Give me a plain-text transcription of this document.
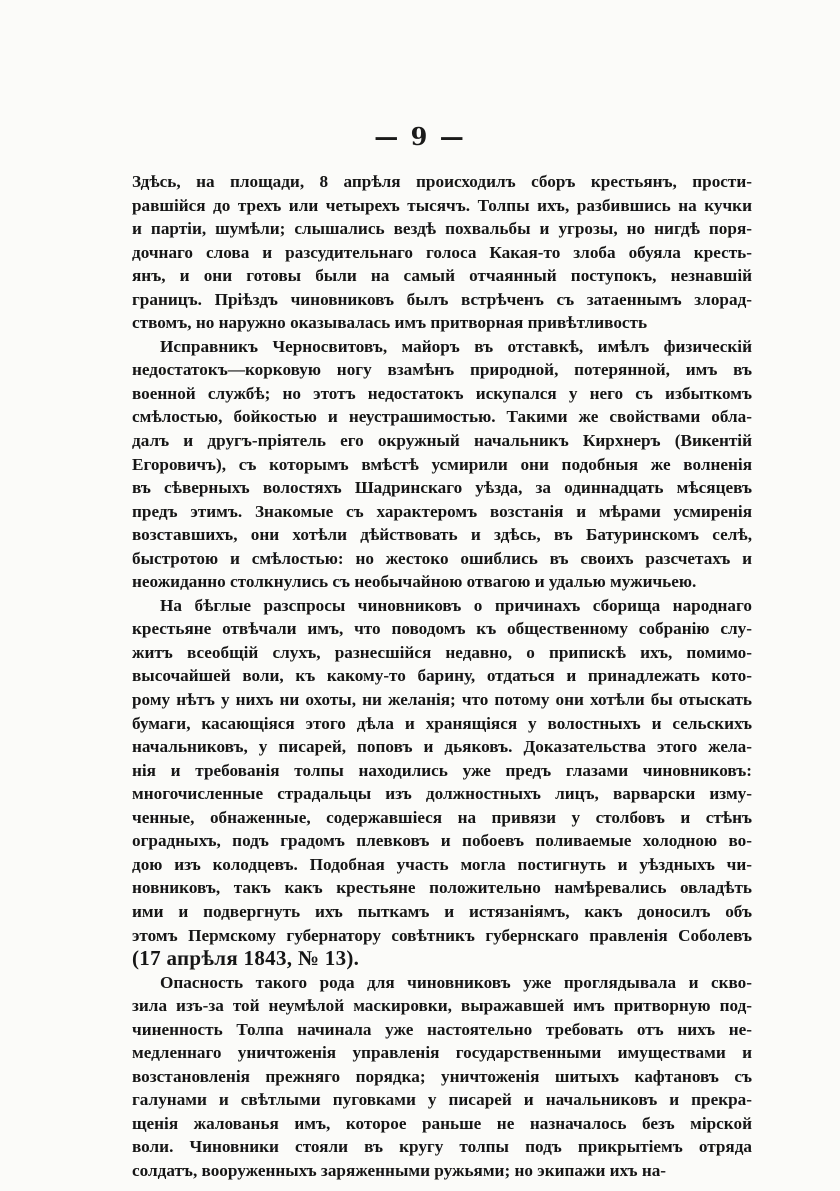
— 9 —
Здѣсь, на площади, 8 апрѣля происходилъ сборъ крестьянъ, прости-
равшійся до трехъ или четырехъ тысячъ. Толпы ихъ, разбившись на кучки
и партіи, шумѣли; слышались вездѣ похвальбы и угрозы, но нигдѣ поря-
дочнаго слова и разсудительнаго голоса Какая-то злоба обуяла кресть-
янъ, и они готовы были на самый отчаянный поступокъ, незнавшій
границъ. Пріѣздъ чиновниковъ былъ встрѣченъ съ затаеннымъ злорад-
ствомъ, но наружно оказывалась имъ притворная привѣтливость
Исправникъ Черносвитовъ, майоръ въ отставкѣ, имѣлъ физическій
недостатокъ—корковую ногу взамѣнъ природной, потерянной, имъ въ
военной службѣ; но этотъ недостатокъ искупался у него съ избыткомъ
смѣлостью, бойкостью и неустрашимостью. Такими же свойствами обла-
далъ и другъ-пріятель его окружный начальникъ Кирхнеръ (Викентій
Егоровичъ), съ которымъ вмѣстѣ усмирили они подобныя же волненія
въ сѣверныхъ волостяхъ Шадринскаго уѣзда, за одиннадцать мѣсяцевъ
предъ этимъ. Знакомые съ характеромъ возстанія и мѣрами усмиренія
возставшихъ, они хотѣли дѣйствовать и здѣсь, въ Батуринскомъ селѣ,
быстротою и смѣлостью: но жестоко ошиблись въ своихъ разсчетахъ и
неожиданно столкнулись съ необычайною отвагою и удалью мужичьею.
На бѣглые разспросы чиновниковъ о причинахъ сборища народнаго
крестьяне отвѣчали имъ, что поводомъ къ общественному собранію слу-
житъ всеобщій слухъ, разнесшійся недавно, о припискѣ ихъ, помимо-
высочайшей воли, къ какому-то барину, отдаться и принадлежать кото-
рому нѣтъ у нихъ ни охоты, ни желанія; что потому они хотѣли бы отыскать
бумаги, касающіяся этого дѣла и хранящіяся у волостныхъ и сельскихъ
начальниковъ, у писарей, поповъ и дьяковъ. Доказательства этого жела-
нія и требованія толпы находились уже предъ глазами чиновниковъ:
многочисленные страдальцы изъ должностныхъ лицъ, варварски изму-
ченные, обнаженные, содержавшіеся на привязи у столбовъ и стѣнъ
оградныхъ, подъ градомъ плевковъ и побоевъ поливаемые холодною во-
дою изъ колодцевъ. Подобная участь могла постигнуть и уѣздныхъ чи-
новниковъ, такъ какъ крестьяне положительно намѣревались овладѣть
ими и подвергнуть ихъ пыткамъ и истязаніямъ, какъ доносилъ объ
этомъ Пермскому губернатору совѣтникъ губернскаго правленія Соболевъ
(17 апрѣля 1843, № 13).
Опасность такого рода для чиновниковъ уже проглядывала и скво-
зила изъ-за той неумѣлой маскировки, выражавшей имъ притворную под-
чиненность Толпа начинала уже настоятельно требовать отъ нихъ не-
медленнаго уничтоженія управленія государственными имуществами и
возстановленія прежняго порядка; уничтоженія шитыхъ кафтановъ съ
галунами и свѣтлыми пуговками у писарей и начальниковъ и прекра-
щенія жалованья имъ, которое раньше не назначалось безъ мірской
воли. Чиновники стояли въ кругу толпы подъ прикрытіемъ отряда
солдатъ, вооруженныхъ заряженными ружьями; но экипажи ихъ на-
